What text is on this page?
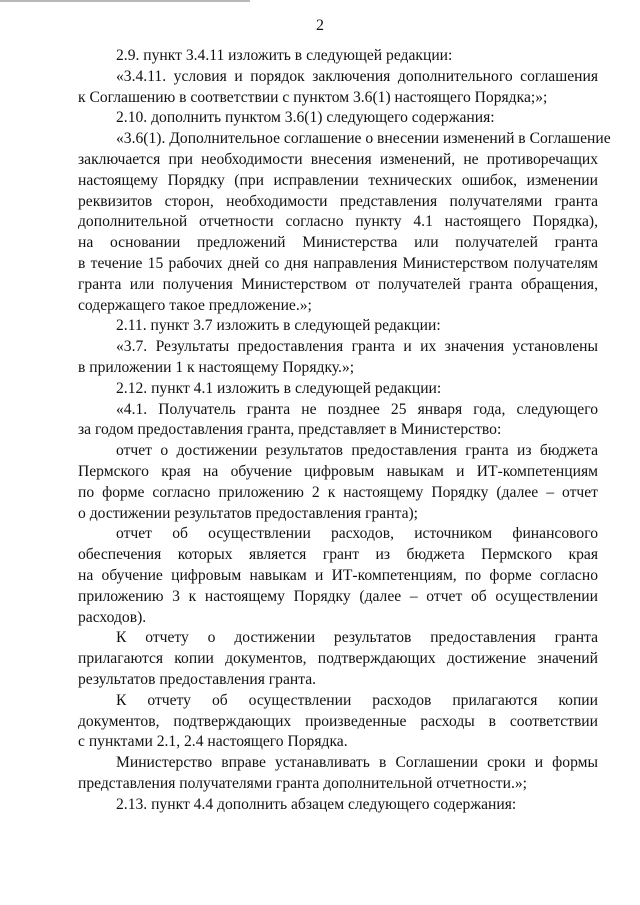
2
2.9. пункт 3.4.11 изложить в следующей редакции:
«3.4.11. условия и порядок заключения дополнительного соглашения
к Соглашению в соответствии с пунктом 3.6(1) настоящего Порядка;»;
2.10. дополнить пунктом 3.6(1) следующего содержания:
«3.6(1). Дополнительное соглашение о внесении изменений в Соглашение
заключается при необходимости внесения изменений, не противоречащих
настоящему Порядку (при исправлении технических ошибок, изменении
реквизитов сторон, необходимости представления получателями гранта
дополнительной отчетности согласно пункту 4.1 настоящего Порядка),
на основании предложений Министерства или получателей гранта
в течение 15 рабочих дней со дня направления Министерством получателям
гранта или получения Министерством от получателей гранта обращения,
содержащего такое предложение.»;
2.11. пункт 3.7 изложить в следующей редакции:
«3.7. Результаты предоставления гранта и их значения установлены
в приложении 1 к настоящему Порядку.»;
2.12. пункт 4.1 изложить в следующей редакции:
«4.1. Получатель гранта не позднее 25 января года, следующего
за годом предоставления гранта, представляет в Министерство:
отчет о достижении результатов предоставления гранта из бюджета
Пермского края на обучение цифровым навыкам и ИТ-компетенциям
по форме согласно приложению 2 к настоящему Порядку (далее – отчет
о достижении результатов предоставления гранта);
отчет об осуществлении расходов, источником финансового
обеспечения которых является грант из бюджета Пермского края
на обучение цифровым навыкам и ИТ-компетенциям, по форме согласно
приложению 3 к настоящему Порядку (далее – отчет об осуществлении
расходов).
К отчету о достижении результатов предоставления гранта
прилагаются копии документов, подтверждающих достижение значений
результатов предоставления гранта.
К отчету об осуществлении расходов прилагаются копии
документов, подтверждающих произведенные расходы в соответствии
с пунктами 2.1, 2.4 настоящего Порядка.
Министерство вправе устанавливать в Соглашении сроки и формы
представления получателями гранта дополнительной отчетности.»;
2.13. пункт 4.4 дополнить абзацем следующего содержания:
